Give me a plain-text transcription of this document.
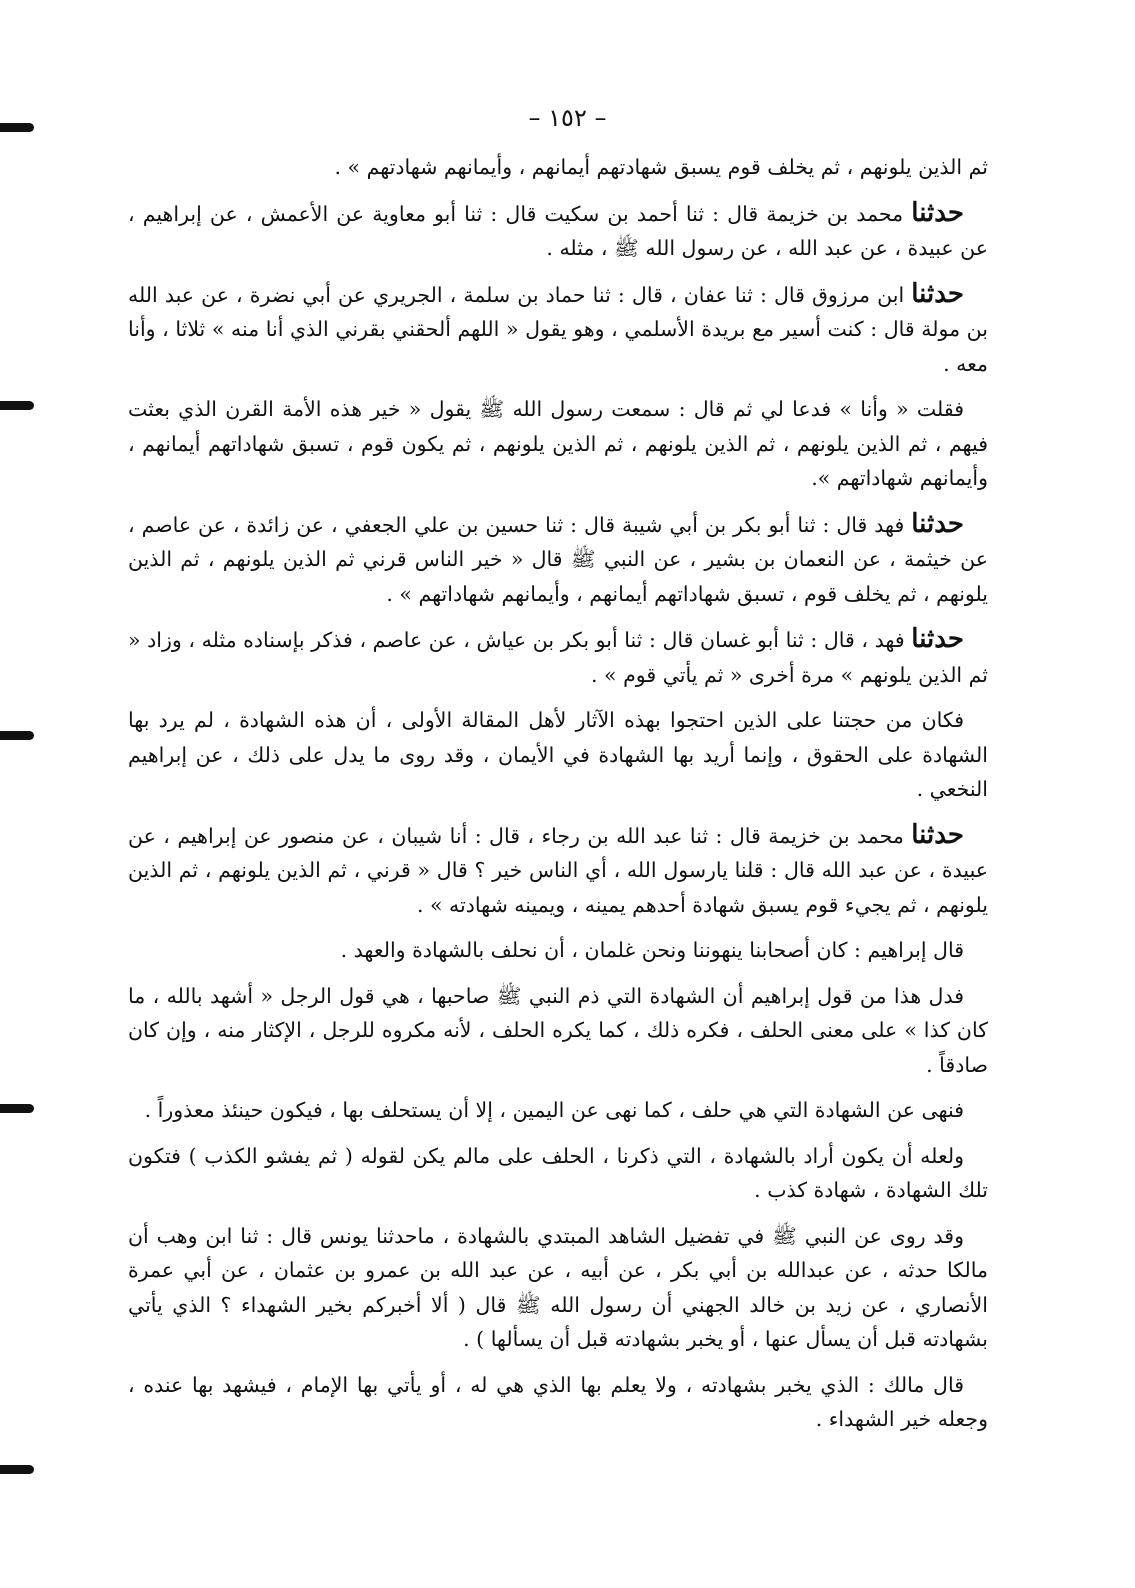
– ١٥٢ –

ثم الذين يلونهم ، ثم يخلف قوم يسبق شهادتهم أيمانهم ، وأيمانهم شهادتهم » .

حدثنا محمد بن خزيمة قال : ثنا أحمد بن سكيت قال : ثنا أبو معاوية عن الأعمش ، عن إبراهيم ، عن عبيدة ، عن عبد الله ، عن رسول الله ﷺ ، مثله .

حدثنا ابن مرزوق قال : ثنا عفان ، قال : ثنا حماد بن سلمة ، الجريري عن أبي نضرة ، عن عبد الله بن مولة قال : كنت أسير مع بريدة الأسلمي ، وهو يقول « اللهم ألحقني بقرني الذي أنا منه » ثلاثا ، وأنا معه .

فقلت « وأنا » فدعا لي ثم قال : سمعت رسول الله ﷺ يقول « خير هذه الأمة القرن الذي بعثت فيهم ، ثم الذين يلونهم ، ثم الذين يلونهم ، ثم الذين يلونهم ، ثم يكون قوم ، تسبق شهاداتهم أيمانهم ، وأيمانهم شهاداتهم ».

حدثنا فهد قال : ثنا أبو بكر بن أبي شيبة قال : ثنا حسين بن علي الجعفي ، عن زائدة ، عن عاصم ، عن خيثمة ، عن النعمان بن بشير ، عن النبي ﷺ قال « خير الناس قرني ثم الذين يلونهم ، ثم الذين يلونهم ، ثم يخلف قوم ، تسبق شهاداتهم أيمانهم ، وأيمانهم شهاداتهم » .

حدثنا فهد ، قال : ثنا أبو غسان قال : ثنا أبو بكر بن عياش ، عن عاصم ، فذكر بإسناده مثله ، وزاد « ثم الذين يلونهم » مرة أخرى « ثم يأتي قوم » .

فكان من حجتنا على الذين احتجوا بهذه الآثار لأهل المقالة الأولى ، أن هذه الشهادة ، لم يرد بها الشهادة على الحقوق ، وإنما أريد بها الشهادة في الأيمان ، وقد روى ما يدل على ذلك ، عن إبراهيم النخعي .

حدثنا محمد بن خزيمة قال : ثنا عبد الله بن رجاء ، قال : أنا شيبان ، عن منصور عن إبراهيم ، عن عبيدة ، عن عبد الله قال : قلنا يارسول الله ، أي الناس خير ؟ قال « قرني ، ثم الذين يلونهم ، ثم الذين يلونهم ، ثم يجيء قوم يسبق شهادة أحدهم يمينه ، ويمينه شهادته » .

قال إبراهيم : كان أصحابنا ينهوننا ونحن غلمان ، أن نحلف بالشهادة والعهد .

فدل هذا من قول إبراهيم أن الشهادة التي ذم النبي ﷺ صاحبها ، هي قول الرجل « أشهد بالله ، ما كان كذا » على معنى الحلف ، فكره ذلك ، كما يكره الحلف ، لأنه مكروه للرجل ، الإكثار منه ، وإن كان صادقاً .

فنهى عن الشهادة التي هي حلف ، كما نهى عن اليمين ، إلا أن يستحلف بها ، فيكون حينئذ معذوراً .

ولعله أن يكون أراد بالشهادة ، التي ذكرنا ، الحلف على مالم يكن لقوله ( ثم يفشو الكذب ) فتكون تلك الشهادة ، شهادة كذب .

وقد روى عن النبي ﷺ في تفضيل الشاهد المبتدي بالشهادة ، ماحدثنا يونس قال : ثنا ابن وهب أن مالكا حدثه ، عن عبدالله بن أبي بكر ، عن أبيه ، عن عبد الله بن عمرو بن عثمان ، عن أبي عمرة الأنصاري ، عن زيد بن خالد الجهني أن رسول الله ﷺ قال ( ألا أخبركم بخير الشهداء ؟ الذي يأتي بشهادته قبل أن يسأل عنها ، أو يخبر بشهادته قبل أن يسألها ) .

قال مالك : الذي يخبر بشهادته ، ولا يعلم بها الذي هي له ، أو يأتي بها الإمام ، فيشهد بها عنده ، وجعله خير الشهداء .
